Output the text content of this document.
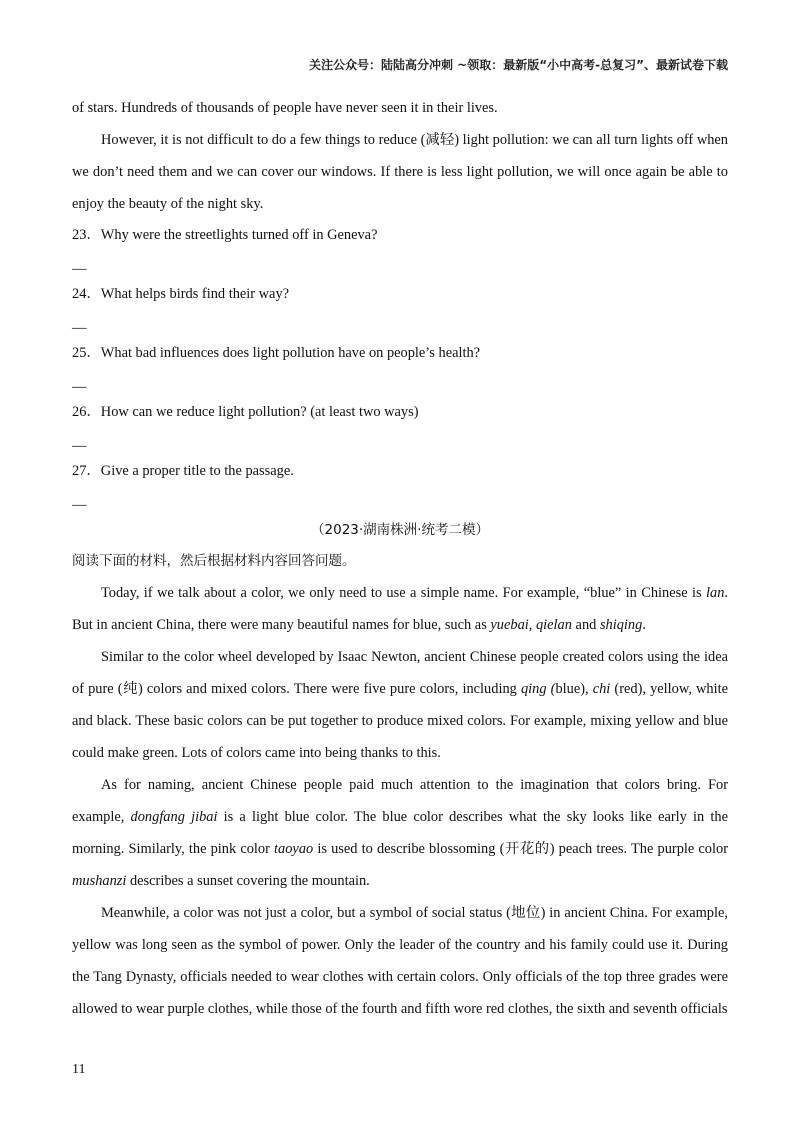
关注公众号：陆陆高分冲刺 ~领取：最新版“小中高考-总复习”、最新试卷下载

of stars. Hundreds of thousands of people have never seen it in their lives.

However, it is not difficult to do a few things to reduce (减轻) light pollution: we can all turn lights off when we don’t need them and we can cover our windows. If there is less light pollution, we will once again be able to enjoy the beauty of the night sky.

23．Why were the streetlights turned off in Geneva?

__

24．What helps birds find their way?

__

25．What bad influences does light pollution have on people’s health?

__

26．How can we reduce light pollution? (at least two ways)

__

27．Give a proper title to the passage.

__

（2023·湖南株洲·统考二模）

阅读下面的材料，然后根据材料内容回答问题。

Today, if we talk about a color, we only need to use a simple name. For example, “blue” in Chinese is lan. But in ancient China, there were many beautiful names for blue, such as yuebai, qielan and shiqing.

Similar to the color wheel developed by Isaac Newton, ancient Chinese people created colors using the idea of pure (纯) colors and mixed colors. There were five pure colors, including qing (blue), chi (red), yellow, white and black. These basic colors can be put together to produce mixed colors. For example, mixing yellow and blue could make green. Lots of colors came into being thanks to this.

As for naming, ancient Chinese people paid much attention to the imagination that colors bring. For example, dongfang jibai is a light blue color. The blue color describes what the sky looks like early in the morning. Similarly, the pink color taoyao is used to describe blossoming (开花的) peach trees. The purple color mushanzi describes a sunset covering the mountain.

Meanwhile, a color was not just a color, but a symbol of social status (地位) in ancient China. For example, yellow was long seen as the symbol of power. Only the leader of the country and his family could use it. During the Tang Dynasty, officials needed to wear clothes with certain colors. Only officials of the top three grades were allowed to wear purple clothes, while those of the fourth and fifth wore red clothes, the sixth and seventh officials

11
